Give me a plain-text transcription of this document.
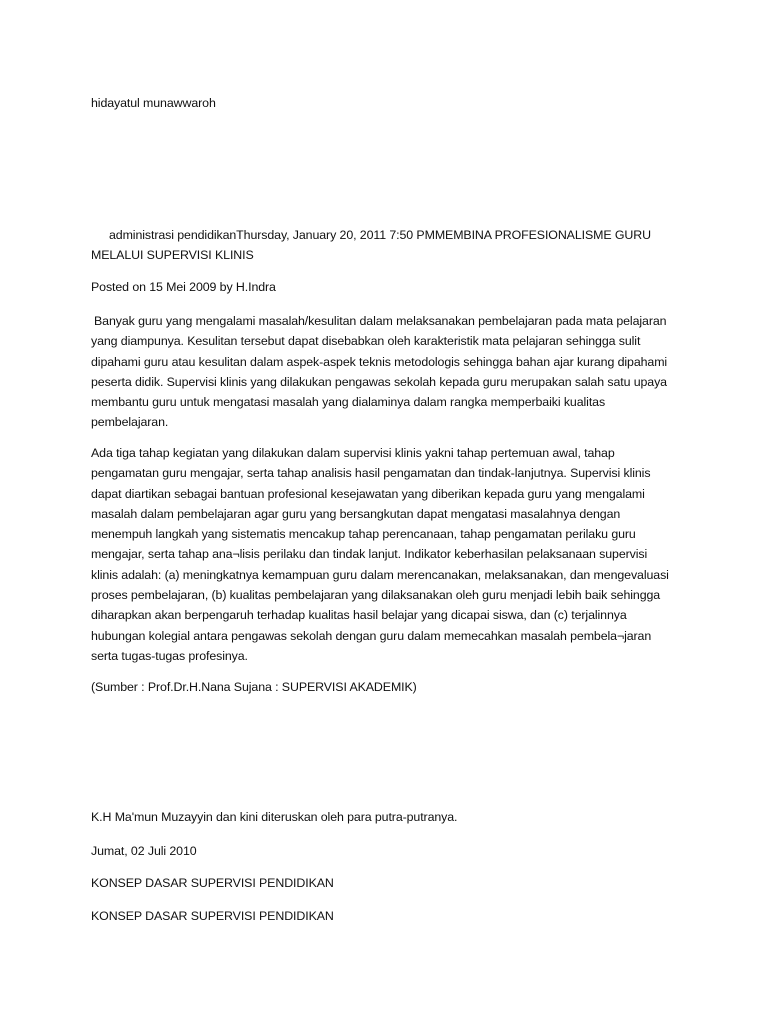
hidayatul munawwaroh

administrasi pendidikanThursday, January 20, 2011 7:50 PMMEMBINA PROFESIONALISME GURU MELALUI SUPERVISI KLINIS

Posted on 15 Mei 2009 by H.Indra

Banyak guru yang mengalami masalah/kesulitan dalam melaksanakan pembelajaran pada mata pelajaran yang diampunya. Kesulitan tersebut dapat disebabkan oleh karakteristik mata pelajaran sehingga sulit dipahami guru atau kesulitan dalam aspek-aspek teknis metodologis sehingga bahan ajar kurang dipahami peserta didik. Supervisi klinis yang dilakukan pengawas sekolah kepada guru merupakan salah satu upaya membantu guru untuk mengatasi masalah yang dialaminya dalam rangka memperbaiki kualitas pembelajaran.

Ada tiga tahap kegiatan yang dilakukan dalam supervisi klinis yakni tahap pertemuan awal, tahap pengamatan guru mengajar, serta tahap analisis hasil pengamatan dan tindak-lanjutnya. Supervisi klinis dapat diartikan sebagai bantuan profesional kesejawatan yang diberikan kepada guru yang mengalami masalah dalam pembelajaran agar guru yang bersangkutan dapat mengatasi masalahnya dengan menempuh langkah yang sistematis mencakup tahap perencanaan, tahap pengamatan perilaku guru mengajar, serta tahap ana¬lisis perilaku dan tindak lanjut. Indikator keberhasilan pelaksanaan supervisi klinis adalah: (a) meningkatnya kemampuan guru dalam merencanakan, melaksanakan, dan mengevaluasi proses pembelajaran, (b) kualitas pembelajaran yang dilaksanakan oleh guru menjadi lebih baik sehingga diharapkan akan berpengaruh terhadap kualitas hasil belajar yang dicapai siswa, dan (c) terjalinnya hubungan kolegial antara pengawas sekolah dengan guru dalam memecahkan masalah pembela¬jaran serta tugas-tugas profesinya.

(Sumber : Prof.Dr.H.Nana Sujana : SUPERVISI AKADEMIK)

K.H Ma'mun Muzayyin dan kini diteruskan oleh para putra-putranya.

Jumat, 02 Juli 2010

KONSEP DASAR SUPERVISI PENDIDIKAN

KONSEP DASAR SUPERVISI PENDIDIKAN
